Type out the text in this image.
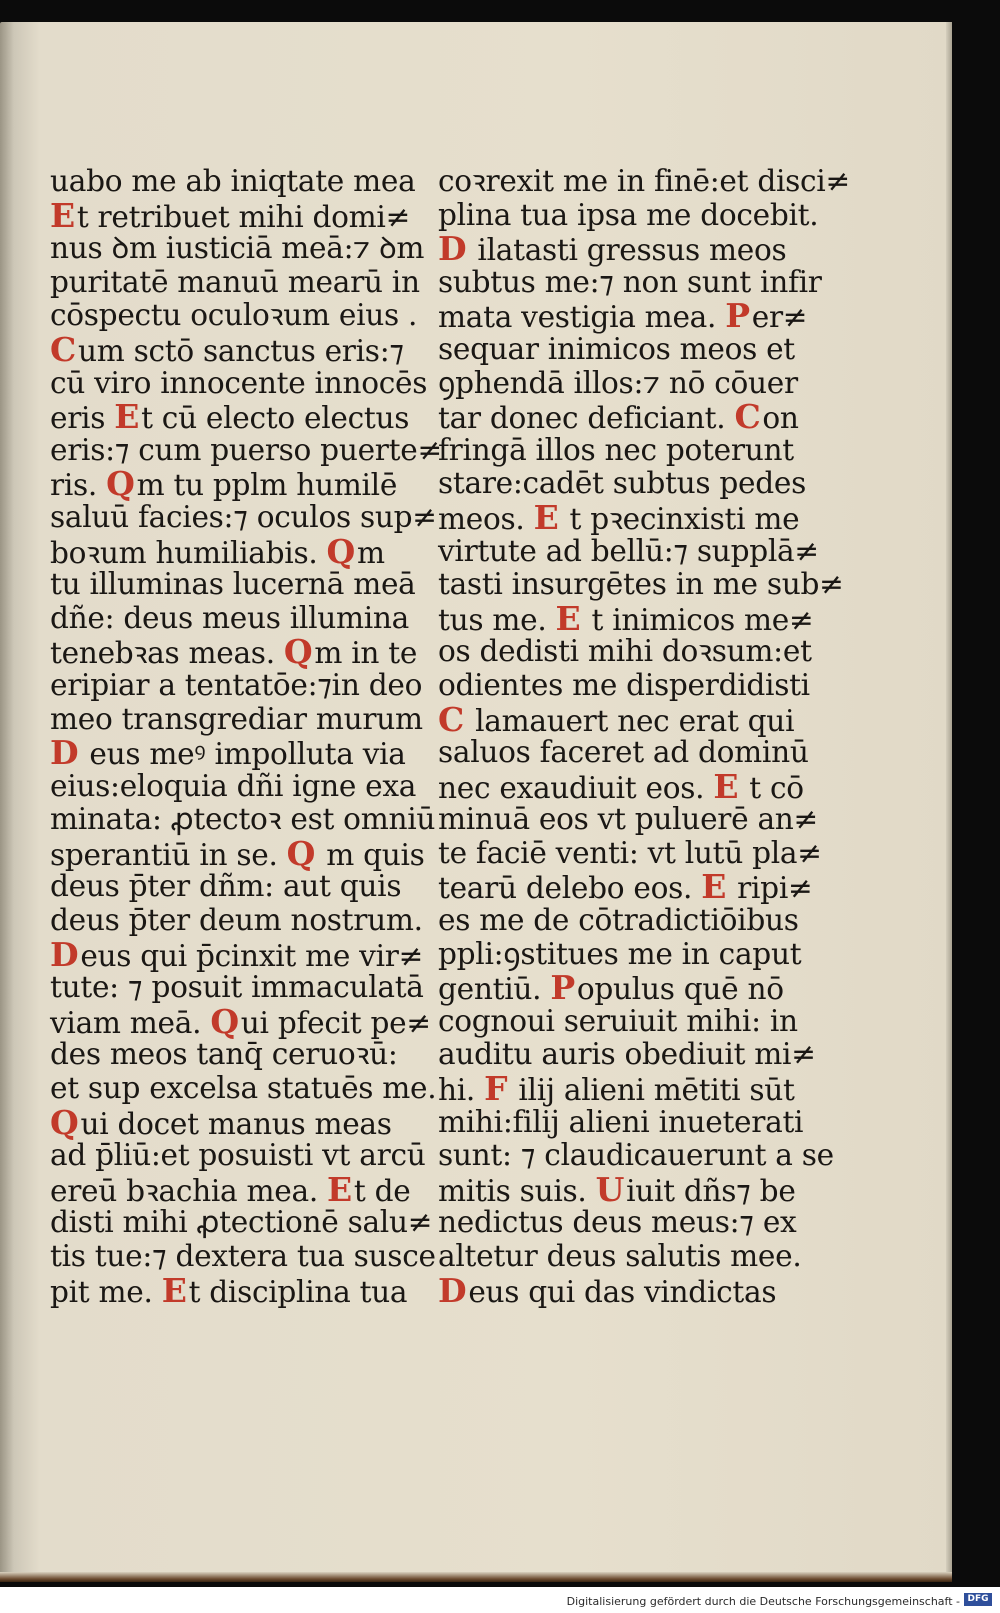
uabo me ab iniqtate mea
Et retribuet mihi domi≠
nus ꝺm iusticiā meā:⁊ ꝺm
puritatē manuū mearū in
cōspectu oculoꝛum eius .
Cum sctō sanctus eris:⁊
cū viro innocente innocēs
eris Et cū electo electus
eris:⁊ cum puerso puerte≠
ris. Qm tu pplm humilē
saluū facies:⁊ oculos sup≠
boꝛum humiliabis. Qm
tu illuminas lucernā meā
dñe: deus meus illumina
tenebꝛas meas. Qm in te
eripiar a tentatōe:⁊in deo
meo transgrediar murum
D eus meꝰ impolluta via
eius:eloquia dñi igne exa
minata: ꝓtectoꝛ est omniū
sperantiū in se. Q m quis
deus p̄ter dñm: aut quis
deus p̄ter deum nostrum.
Deus qui p̄cinxit me vir≠
tute: ⁊ posuit immaculatā
viam meā. Qui pfecit pe≠
des meos tanq̄ ceruoꝛū:
et sup excelsa statuēs me.
Qui docet manus meas
ad p̄liū:et posuisti vt arcū
ereū bꝛachia mea. Et de
disti mihi ꝓtectionē salu≠
tis tue:⁊ dextera tua susce
pit me. Et disciplina tua
coꝛrexit me in finē:et disci≠
plina tua ipsa me docebit.
D ilatasti gressus meos
subtus me:⁊ non sunt infir
mata vestigia mea. Per≠
sequar inimicos meos et
ꝯphendā illos:⁊ nō cōuer
tar donec deficiant. Con
fringā illos nec poterunt
stare:cadēt subtus pedes
meos. E t pꝛecinxisti me
virtute ad bellū:⁊ supplā≠
tasti insurgētes in me sub≠
tus me. E t inimicos me≠
os dedisti mihi doꝛsum:et
odientes me disperdidisti
C lamauert nec erat qui
saluos faceret ad dominū
nec exaudiuit eos. E t cō
minuā eos vt puluerē an≠
te faciē venti: vt lutū pla≠
tearū delebo eos. E ripi≠
es me de cōtradictiōibus
ppli:ꝯstitues me in caput
gentiū. Populus quē nō
cognoui seruiuit mihi: in
auditu auris obediuit mi≠
hi. F ilij alieni mētiti sūt
mihi:filij alieni inueterati
sunt: ⁊ claudicauerunt a se
mitis suis. Uiuit dñs⁊ be
nedictus deus meus:⁊ ex
altetur deus salutis mee.
Deus qui das vindictas
Digitalisierung gefördert durch die Deutsche Forschungsgemeinschaft - DFG
